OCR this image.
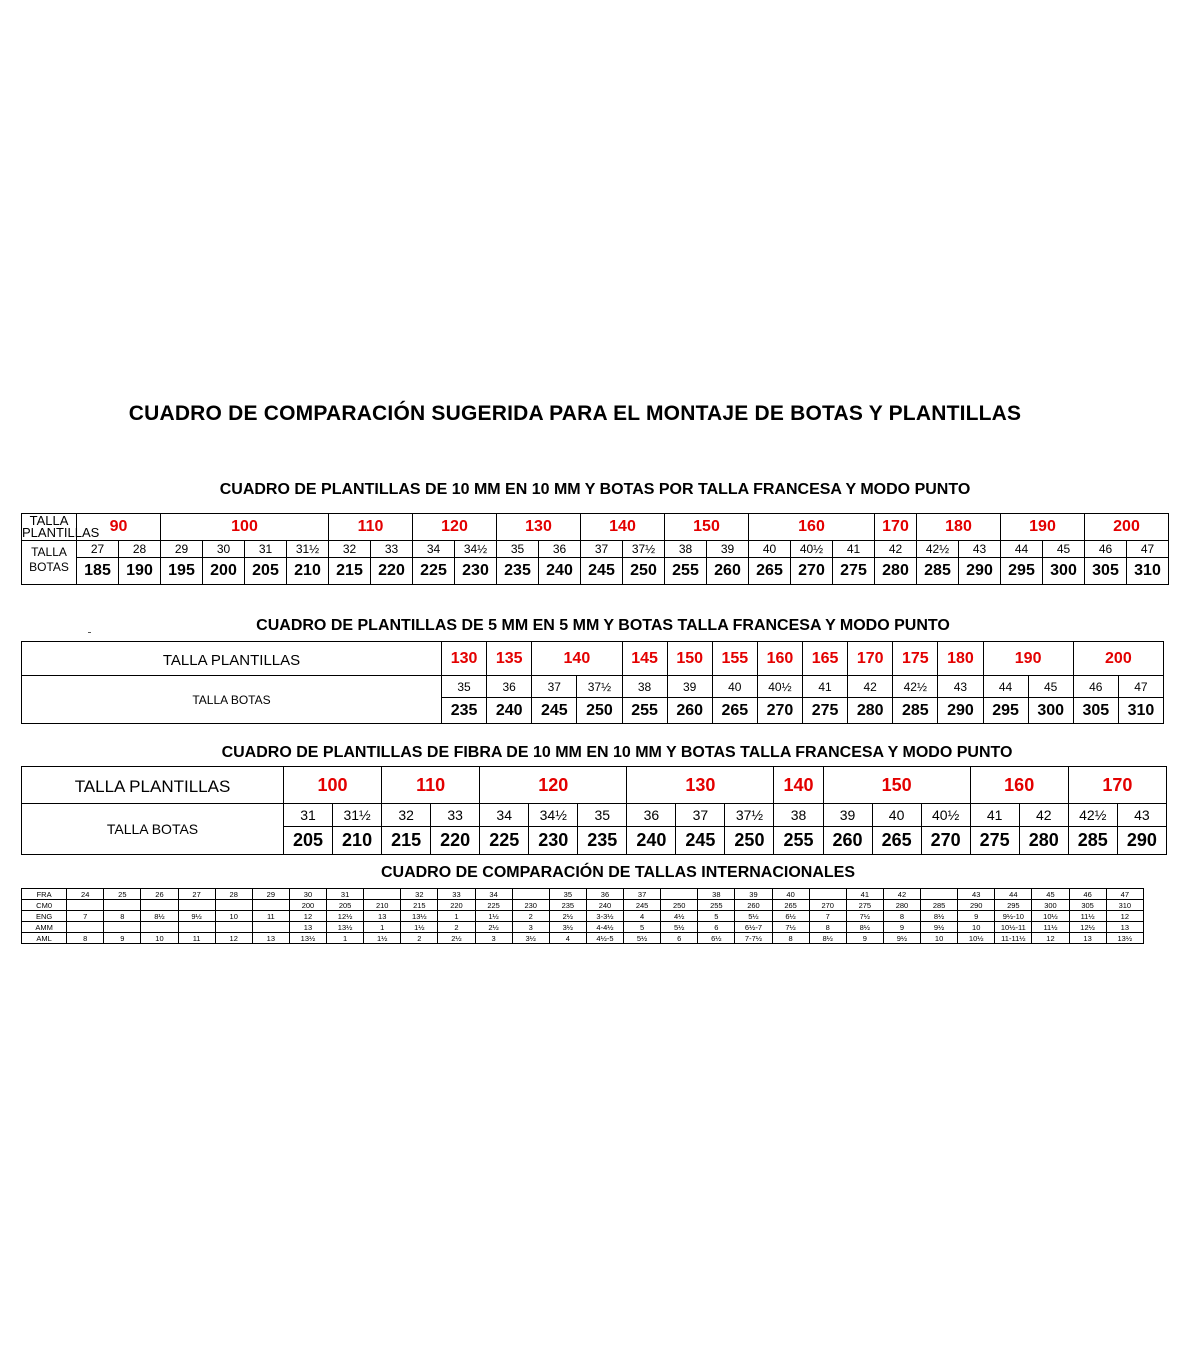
CUADRO DE COMPARACIÓN SUGERIDA PARA EL MONTAJE DE BOTAS Y PLANTILLAS
CUADRO DE PLANTILLAS DE 10 MM EN 10 MM Y BOTAS POR TALLA FRANCESA Y MODO PUNTO
TALLA
PLANTILLAS	90		100				110		120		130		140		150		160			170	180		190		200	

TALLA
BOTAS	27	28	29	30	31	31½	32	33	34	34½	35	36	37	37½	38	39	40	40½	41	42	42½	43	44	45	46	47
	185	190	195	200	205	210	215	220	225	230	235	240	245	250	255	260	265	270	275	280	285	290	295	300	305	310
CUADRO DE PLANTILLAS DE 5 MM EN 5 MM Y BOTAS TALLA FRANCESA Y MODO PUNTO
TALLA PLANTILLAS	130	135	140		145	150	155	160	165	170	175	180	190		200	
TALLA BOTAS	35	36	37	37½	38	39	40	40½	41	42	42½	43	44	45	46	47
	235	240	245	250	255	260	265	270	275	280	285	290	295	300	305	310
CUADRO DE PLANTILLAS DE FIBRA DE 10 MM EN 10 MM Y BOTAS TALLA FRANCESA Y MODO PUNTO
TALLA PLANTILLAS	100		110		120			130			140	150			160		170	
TALLA BOTAS	31	31½	32	33	34	34½	35	36	37	37½	38	39	40	40½	41	42	42½	43
	205	210	215	220	225	230	235	240	245	250	255	260	265	270	275	280	285	290
CUADRO DE COMPARACIÓN DE TALLAS INTERNACIONALES
FRA	24	25	26	27	28	29	30	31		32	33	34		35	36	37		38	39	40		41	42		43	44	45	46	47
CM0							200	205	210	215	220	225	230	235	240	245	250	255	260	265	270	275	280	285	290	295	300	305	310
ENG	7	8	8½	9½	10	11	12	12½	13	13½	1	1½	2	2½	3-3½	4	4½	5	5½	6½	7	7½	8	8½	9	9½-10	10½	11½	12
AMM							13	13½	1	1½	2	2½	3	3½	4-4½	5	5½	6	6½-7	7½	8	8½	9	9½	10	10½-11	11½	12½	13
AML	8	9	10	11	12	13	13½	1	1½	2	2½	3	3½	4	4½-5	5½	6	6½	7-7½	8	8½	9	9½	10	10½	11-11½	12	13	13½
